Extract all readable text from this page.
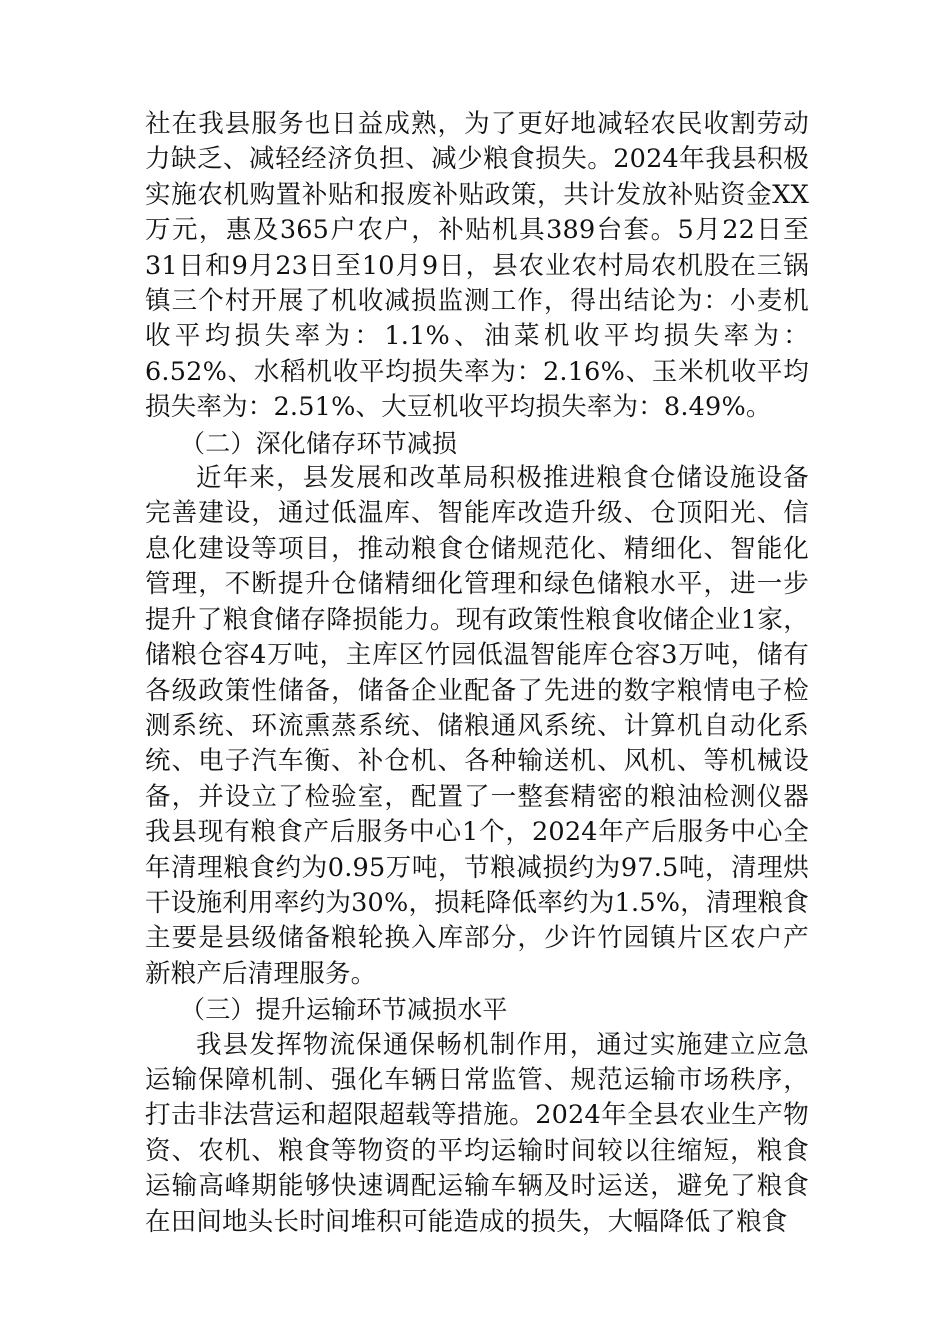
社在我县服务也日益成熟，为了更好地减轻农民收割劳动力缺乏、减轻经济负担、减少粮食损失。2024年我县积极实施农机购置补贴和报废补贴政策，共计发放补贴资金XX万元，惠及365户农户，补贴机具389台套。5月22日至31日和9月23日至10月9日，县农业农村局农机股在三锅镇三个村开展了机收减损监测工作，得出结论为：小麦机收平均损失率为：1.1%、油菜机收平均损失率为：6.52%、水稻机收平均损失率为：2.16%、玉米机收平均损失率为：2.51%、大豆机收平均损失率为：8.49%。

（二）深化储存环节减损

近年来，县发展和改革局积极推进粮食仓储设施设备完善建设，通过低温库、智能库改造升级、仓顶阳光、信息化建设等项目，推动粮食仓储规范化、精细化、智能化管理，不断提升仓储精细化管理和绿色储粮水平，进一步提升了粮食储存降损能力。现有政策性粮食收储企业1家，储粮仓容4万吨，主库区竹园低温智能库仓容3万吨，储有各级政策性储备，储备企业配备了先进的数字粮情电子检测系统、环流熏蒸系统、储粮通风系统、计算机自动化系统、电子汽车衡、补仓机、各种输送机、风机、等机械设备，并设立了检验室，配置了一整套精密的粮油检测仪器我县现有粮食产后服务中心1个，2024年产后服务中心全年清理粮食约为0.95万吨，节粮减损约为97.5吨，清理烘干设施利用率约为30%，损耗降低率约为1.5%，清理粮食主要是县级储备粮轮换入库部分，少许竹园镇片区农户产新粮产后清理服务。

（三）提升运输环节减损水平

我县发挥物流保通保畅机制作用，通过实施建立应急运输保障机制、强化车辆日常监管、规范运输市场秩序，打击非法营运和超限超载等措施。2024年全县农业生产物资、农机、粮食等物资的平均运输时间较以往缩短，粮食运输高峰期能够快速调配运输车辆及时运送，避免了粮食在田间地头长时间堆积可能造成的损失，大幅降低了粮食
